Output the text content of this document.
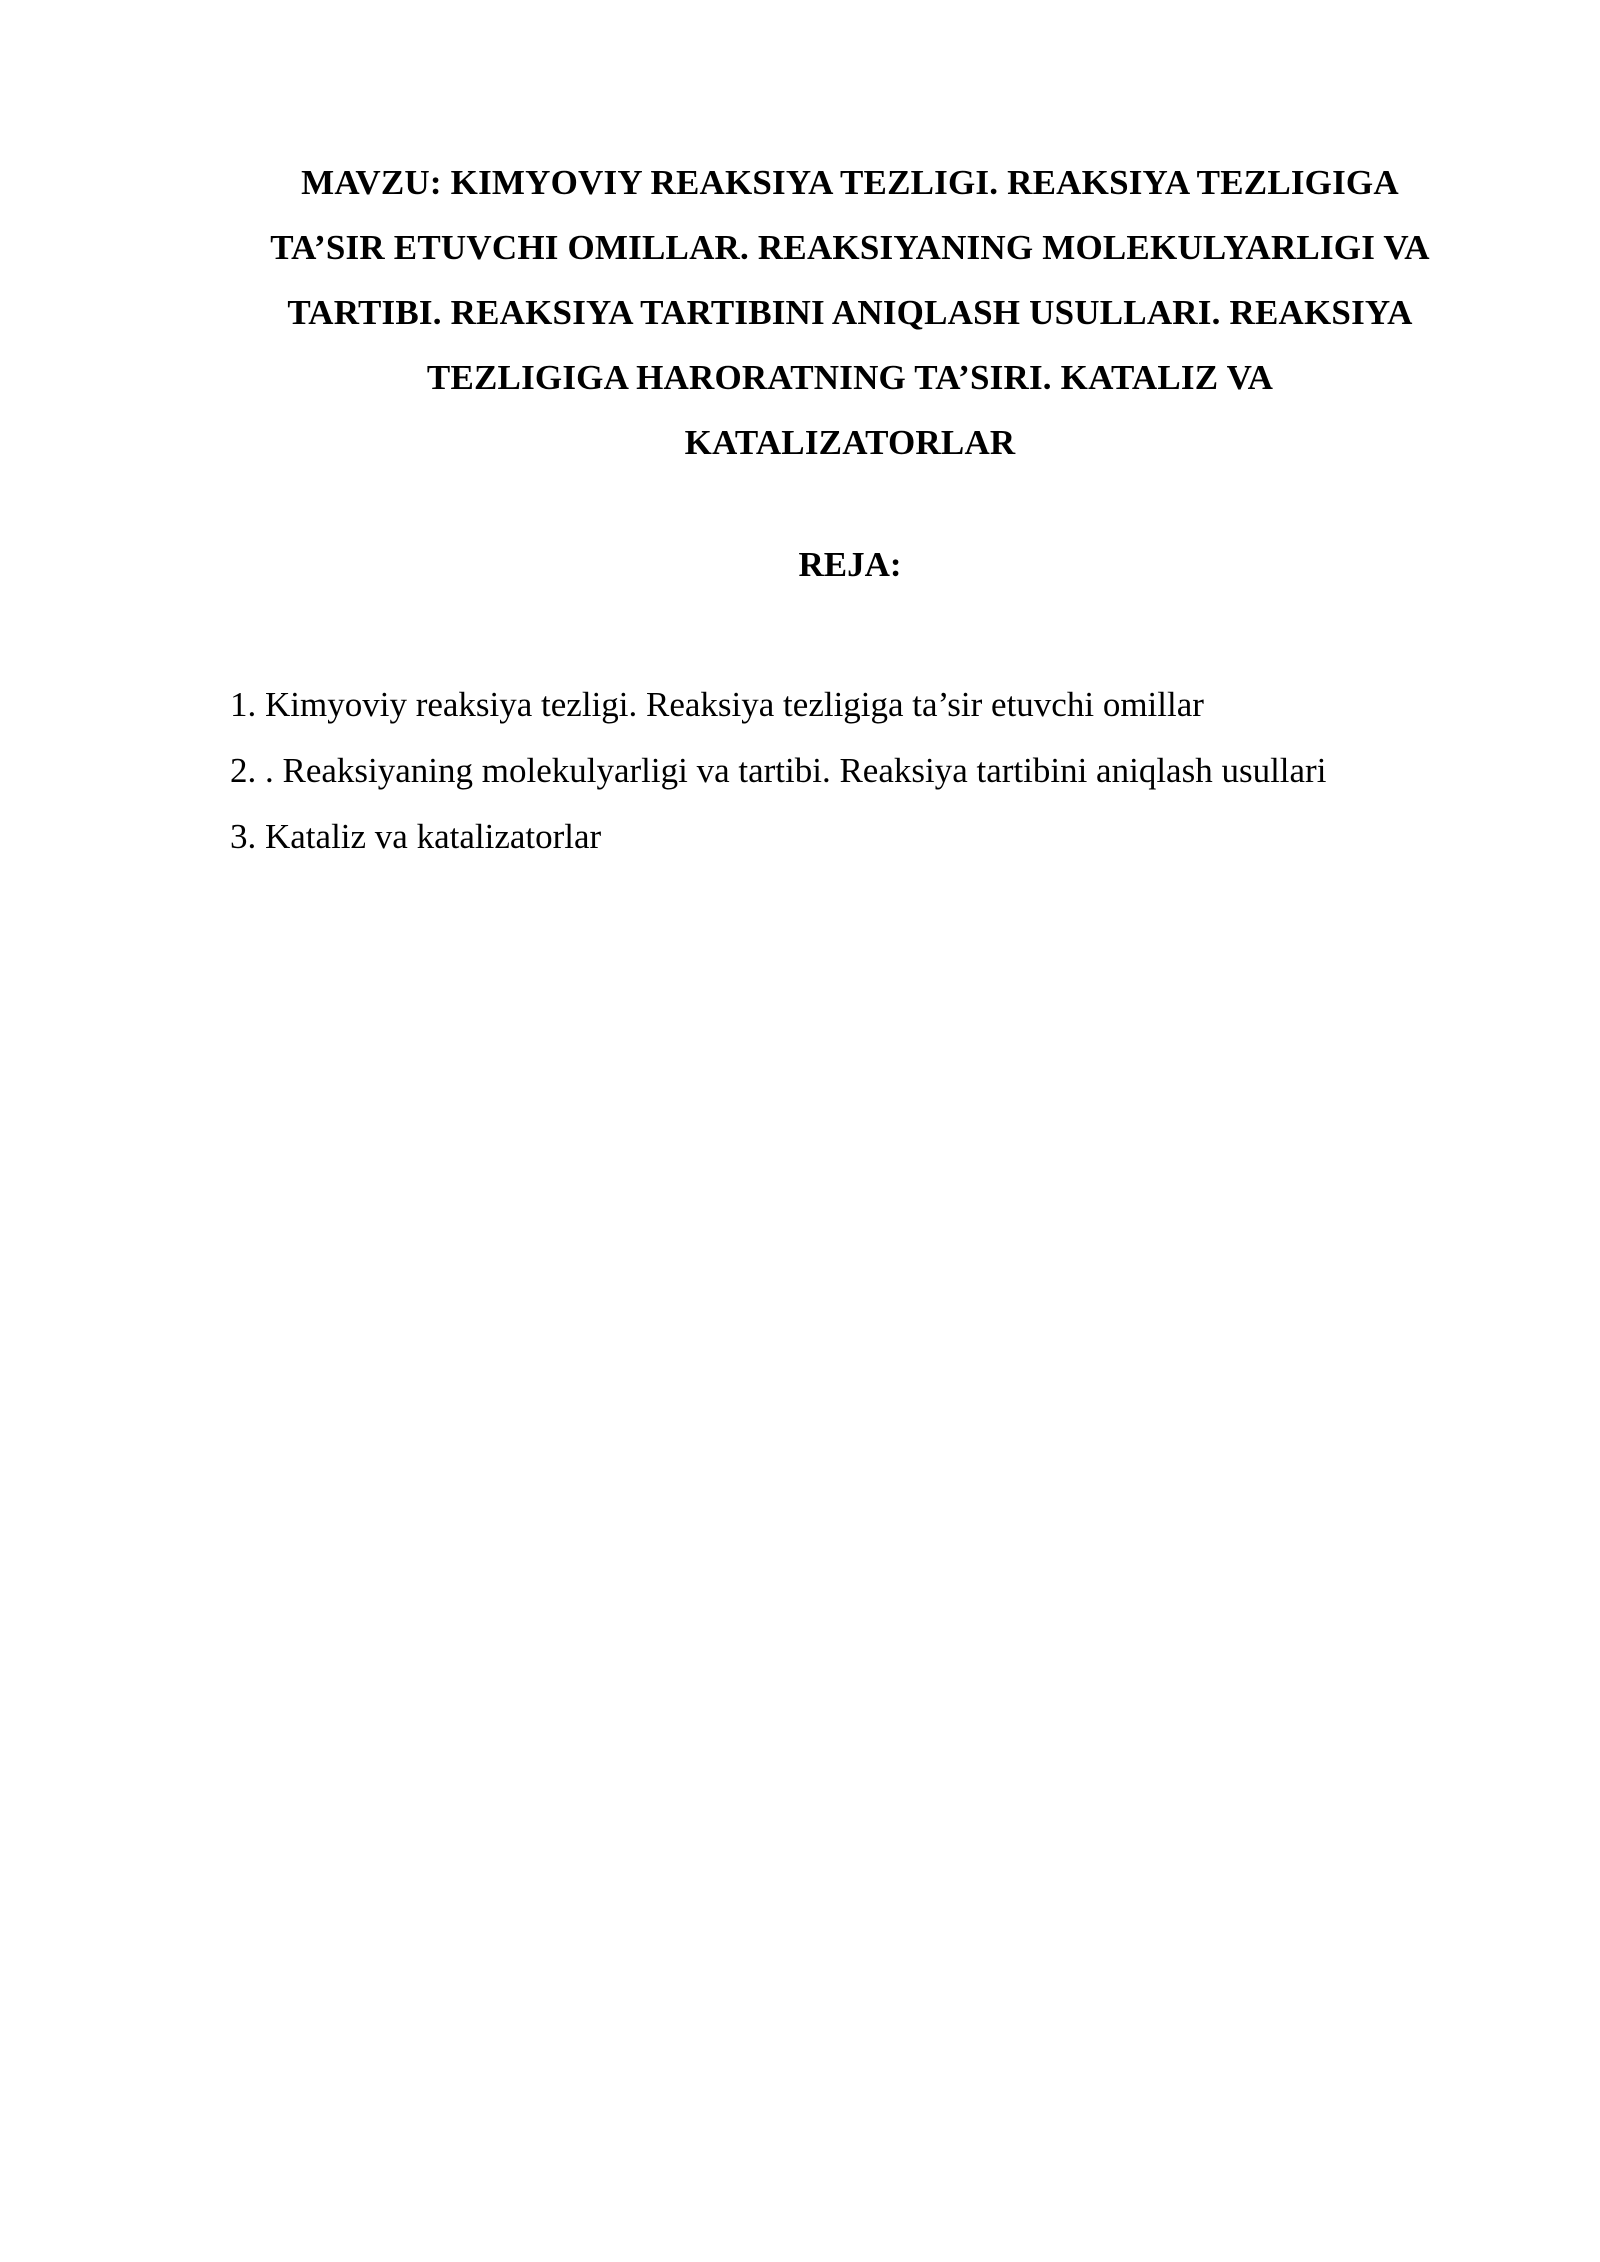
MAVZU: KIMYOVIY REAKSIYA TEZLIGI. REAKSIYA TEZLIGIGA
TA’SIR ETUVCHI OMILLAR. REAKSIYANING MOLEKULYARLIGI VA
TARTIBI. REAKSIYA TARTIBINI ANIQLASH USULLARI. REAKSIYA
TEZLIGIGA HARORATNING TA’SIRI. KATALIZ VA
KATALIZATORLAR
REJA:
1. Kimyoviy reaksiya tezligi. Reaksiya tezligiga ta’sir etuvchi omillar
2. . Reaksiyaning molekulyarligi va tartibi. Reaksiya tartibini aniqlash usullari
3. Kataliz va katalizatorlar
